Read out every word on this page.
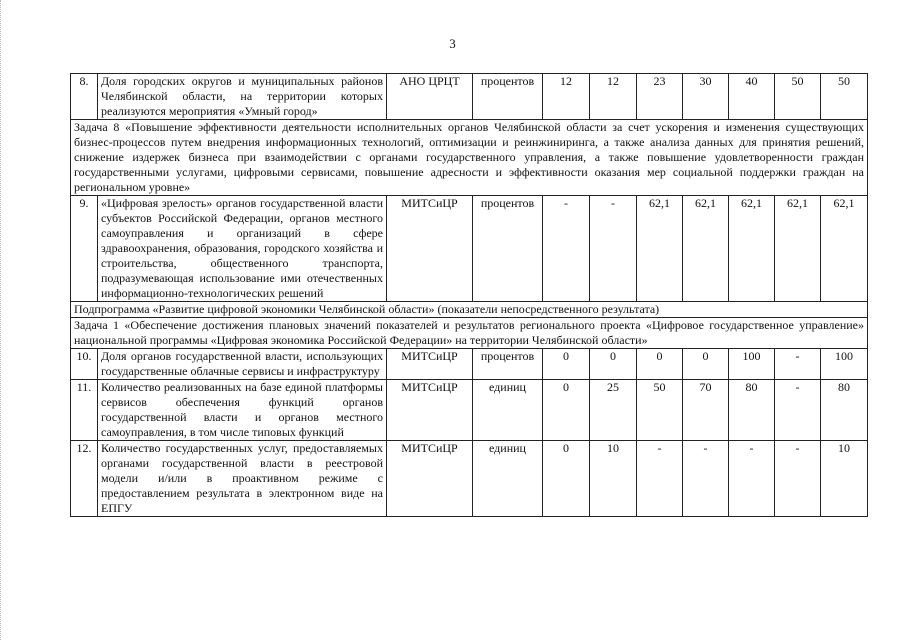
3
8.	Доля городских округов и муниципальных районов Челябинской области, на территории которых реализуются мероприятия «Умный город»	АНО ЦРЦТ	процентов	12	12	23	30	40	50	50
Задача 8 «Повышение эффективности деятельности исполнительных органов Челябинской области за счет ускорения и изменения существующих бизнес-процессов путем внедрения информационных технологий, оптимизации и реинжиниринга, а также анализа данных для принятия решений, снижение издержек бизнеса при взаимодействии с органами государственного управления, а также повышение удовлетворенности граждан государственными услугами, цифровыми сервисами, повышение адресности и эффективности оказания мер социальной поддержки граждан на региональном уровне»										
9.	«Цифровая зрелость» органов государственной власти субъектов Российской Федерации, органов местного самоуправления и организаций в сфере здравоохранения, образования, городского хозяйства и строительства, общественного транспорта, подразумевающая использование ими отечественных информационно-технологических решений	МИТСиЦР	процентов	-	-	62,1	62,1	62,1	62,1	62,1
Подпрограмма «Развитие цифровой экономики Челябинской области» (показатели непосредственного результата)										
Задача 1 «Обеспечение достижения плановых значений показателей и результатов регионального проекта «Цифровое государственное управление» национальной программы «Цифровая экономика Российской Федерации» на территории Челябинской области»										
10.	Доля органов государственной власти, использующих государственные облачные сервисы и инфраструктуру	МИТСиЦР	процентов	0	0	0	0	100	-	100
11.	Количество реализованных на базе единой платформы сервисов обеспечения функций органов государственной власти и органов местного самоуправления, в том числе типовых функций	МИТСиЦР	единиц	0	25	50	70	80	-	80
12.	Количество государственных услуг, предоставляемых органами государственной власти в реестровой модели и/или в проактивном режиме с предоставлением результата в электронном виде на ЕПГУ	МИТСиЦР	единиц	0	10	-	-	-	-	10
